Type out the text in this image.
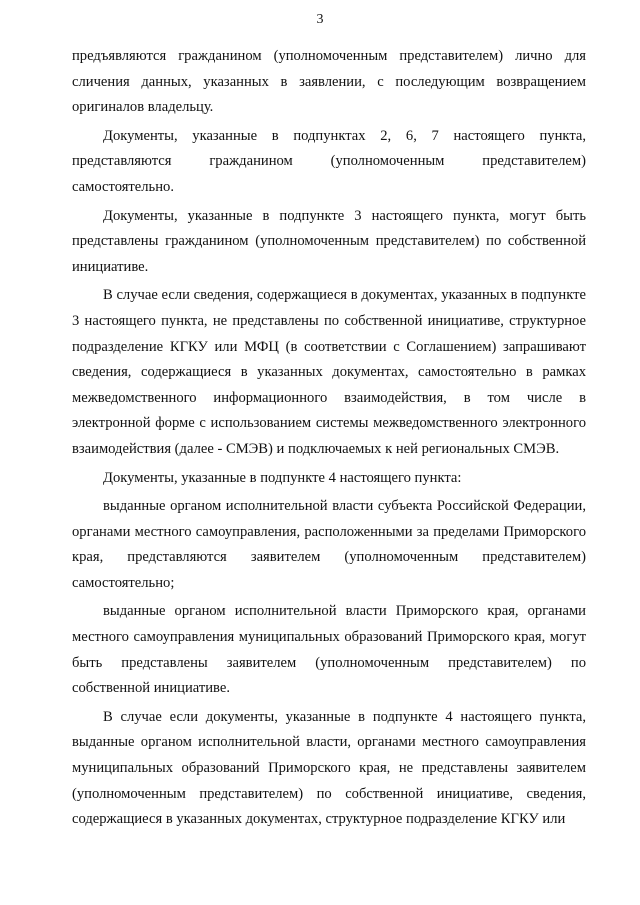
3

предъявляются гражданином (уполномоченным представителем) лично для сличения данных, указанных в заявлении, с последующим возвращением оригиналов владельцу.

Документы, указанные в подпунктах 2, 6, 7 настоящего пункта, представляются гражданином (уполномоченным представителем) самостоятельно.

Документы, указанные в подпункте 3 настоящего пункта, могут быть представлены гражданином (уполномоченным представителем) по собственной инициативе.

В случае если сведения, содержащиеся в документах, указанных в подпункте 3 настоящего пункта, не представлены по собственной инициативе, структурное подразделение КГКУ или МФЦ (в соответствии с Соглашением) запрашивают сведения, содержащиеся в указанных документах, самостоятельно в рамках межведомственного информационного взаимодействия, в том числе в электронной форме с использованием системы межведомственного электронного взаимодействия (далее - СМЭВ) и подключаемых к ней региональных СМЭВ.

Документы, указанные в подпункте 4 настоящего пункта:

выданные органом исполнительной власти субъекта Российской Федерации, органами местного самоуправления, расположенными за пределами Приморского края, представляются заявителем (уполномоченным представителем) самостоятельно;

выданные органом исполнительной власти Приморского края, органами местного самоуправления муниципальных образований Приморского края, могут быть представлены заявителем (уполномоченным представителем) по собственной инициативе.

В случае если документы, указанные в подпункте 4 настоящего пункта, выданные органом исполнительной власти, органами местного самоуправления муниципальных образований Приморского края, не представлены заявителем (уполномоченным представителем) по собственной инициативе, сведения, содержащиеся в указанных документах, структурное подразделение КГКУ или
